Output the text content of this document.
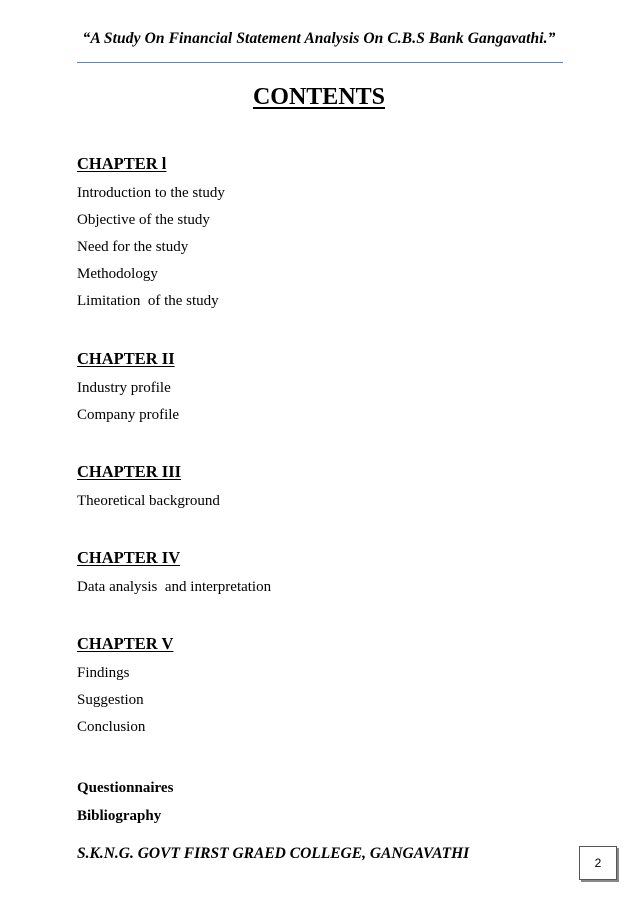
“A Study On Financial Statement Analysis On C.B.S Bank Gangavathi.”
CONTENTS
CHAPTER l
Introduction to the study
Objective of the study
Need for the study
Methodology
Limitation  of the study
CHAPTER II
Industry profile
Company profile
CHAPTER III
Theoretical background
CHAPTER IV
Data analysis  and interpretation
CHAPTER V
Findings
Suggestion
Conclusion
Questionnaires
Bibliography
S.K.N.G. GOVT FIRST GRAED COLLEGE, GANGAVATHI
2
